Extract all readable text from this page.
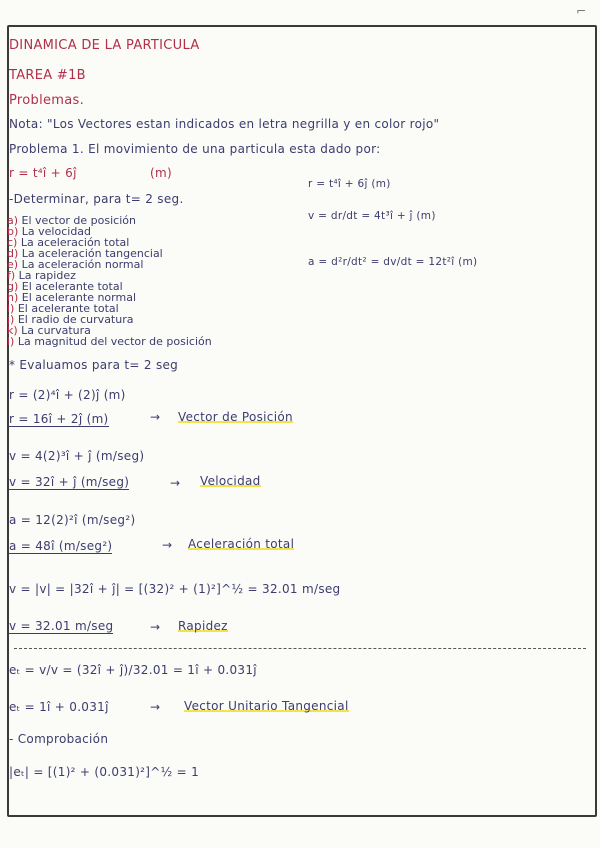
⌐
DINAMICA DE LA PARTICULA
TAREA #1B
Problemas.
Nota: "Los Vectores estan indicados en letra negrilla y en color rojo"
Problema 1. El movimiento de una particula esta dado por:
r = t⁴î + 6ĵ	(m)
r = t⁴î + 6ĵ (m)
v = dr/dt = 4t³î + ĵ (m)
a = d²r/dt² = dv/dt = 12t²î (m)
-Determinar, para t= 2 seg.
a) El vector de posición
b) La velocidad
c) La aceleración total
d) La aceleración tangencial
e) La aceleración normal
f) La rapidez
g) El acelerante total
h) El acelerante normal
i) El acelerante total
j) El radio de curvatura
k) La curvatura
l) La magnitud del vector de posición
* Evaluamos para t= 2 seg
r = (2)⁴î + (2)ĵ (m)
r = 16î + 2ĵ (m)	→ Vector de Posición
v = 4(2)³î + ĵ (m/seg)
v = 32î + ĵ (m/seg)	→ Velocidad
a = 12(2)²î (m/seg²)
a = 48î (m/seg²)	→ Aceleración total
v = |v| = |32î + ĵ| = [(32)² + (1)²]^½ = 32.01 m/seg
v = 32.01 m/seg	→ Rapidez
eₜ = v/v = (32î + ĵ)/32.01 = 1î + 0.031ĵ
eₜ = 1î + 0.031ĵ	→ Vector Unitario Tangencial
- Comprobación
|eₜ| = [(1)² + (0.031)²]^½ = 1
